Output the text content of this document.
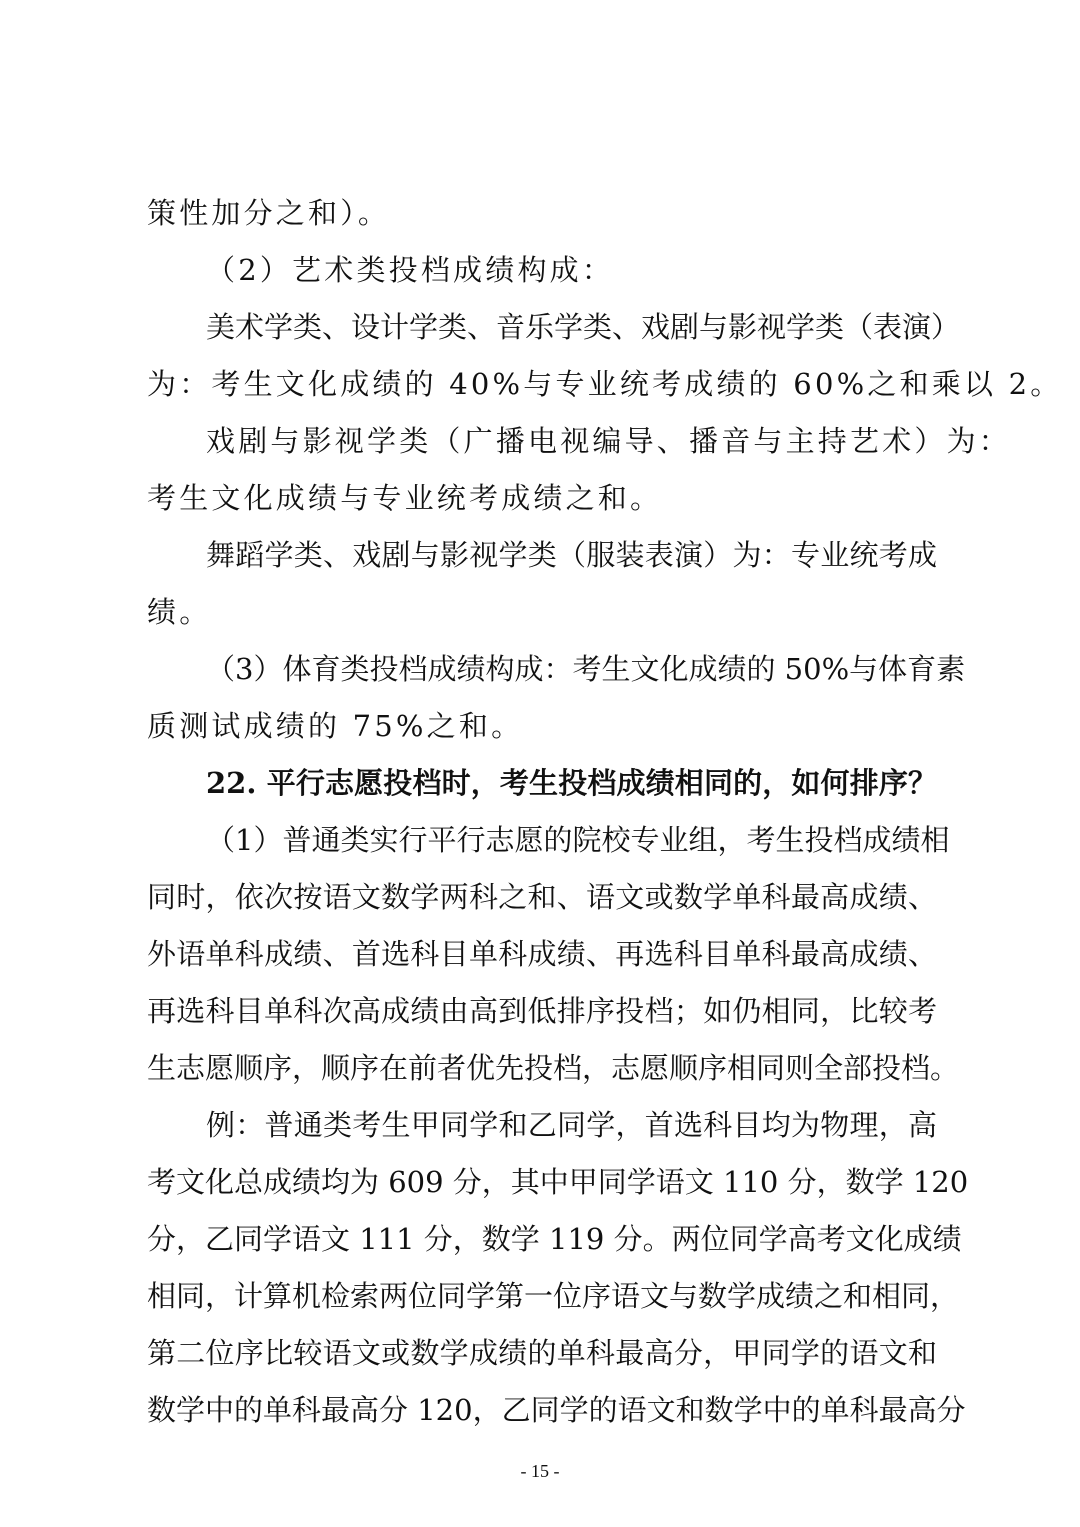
策性加分之和）。
（2）艺术类投档成绩构成：
美术学类、设计学类、音乐学类、戏剧与影视学类（表演）
为：考生文化成绩的 40%与专业统考成绩的 60%之和乘以 2。
戏剧与影视学类（广播电视编导、播音与主持艺术）为：
考生文化成绩与专业统考成绩之和。
舞蹈学类、戏剧与影视学类（服装表演）为：专业统考成
绩。
（3）体育类投档成绩构成：考生文化成绩的 50%与体育素
质测试成绩的 75%之和。
22. 平行志愿投档时，考生投档成绩相同的，如何排序？
（1）普通类实行平行志愿的院校专业组，考生投档成绩相
同时，依次按语文数学两科之和、语文或数学单科最高成绩、
外语单科成绩、首选科目单科成绩、再选科目单科最高成绩、
再选科目单科次高成绩由高到低排序投档；如仍相同，比较考
生志愿顺序，顺序在前者优先投档，志愿顺序相同则全部投档。
例：普通类考生甲同学和乙同学，首选科目均为物理，高
考文化总成绩均为 609 分，其中甲同学语文 110 分，数学 120
分，乙同学语文 111 分，数学 119 分。两位同学高考文化成绩
相同，计算机检索两位同学第一位序语文与数学成绩之和相同，
第二位序比较语文或数学成绩的单科最高分，甲同学的语文和
数学中的单科最高分 120，乙同学的语文和数学中的单科最高分
- 15 -
